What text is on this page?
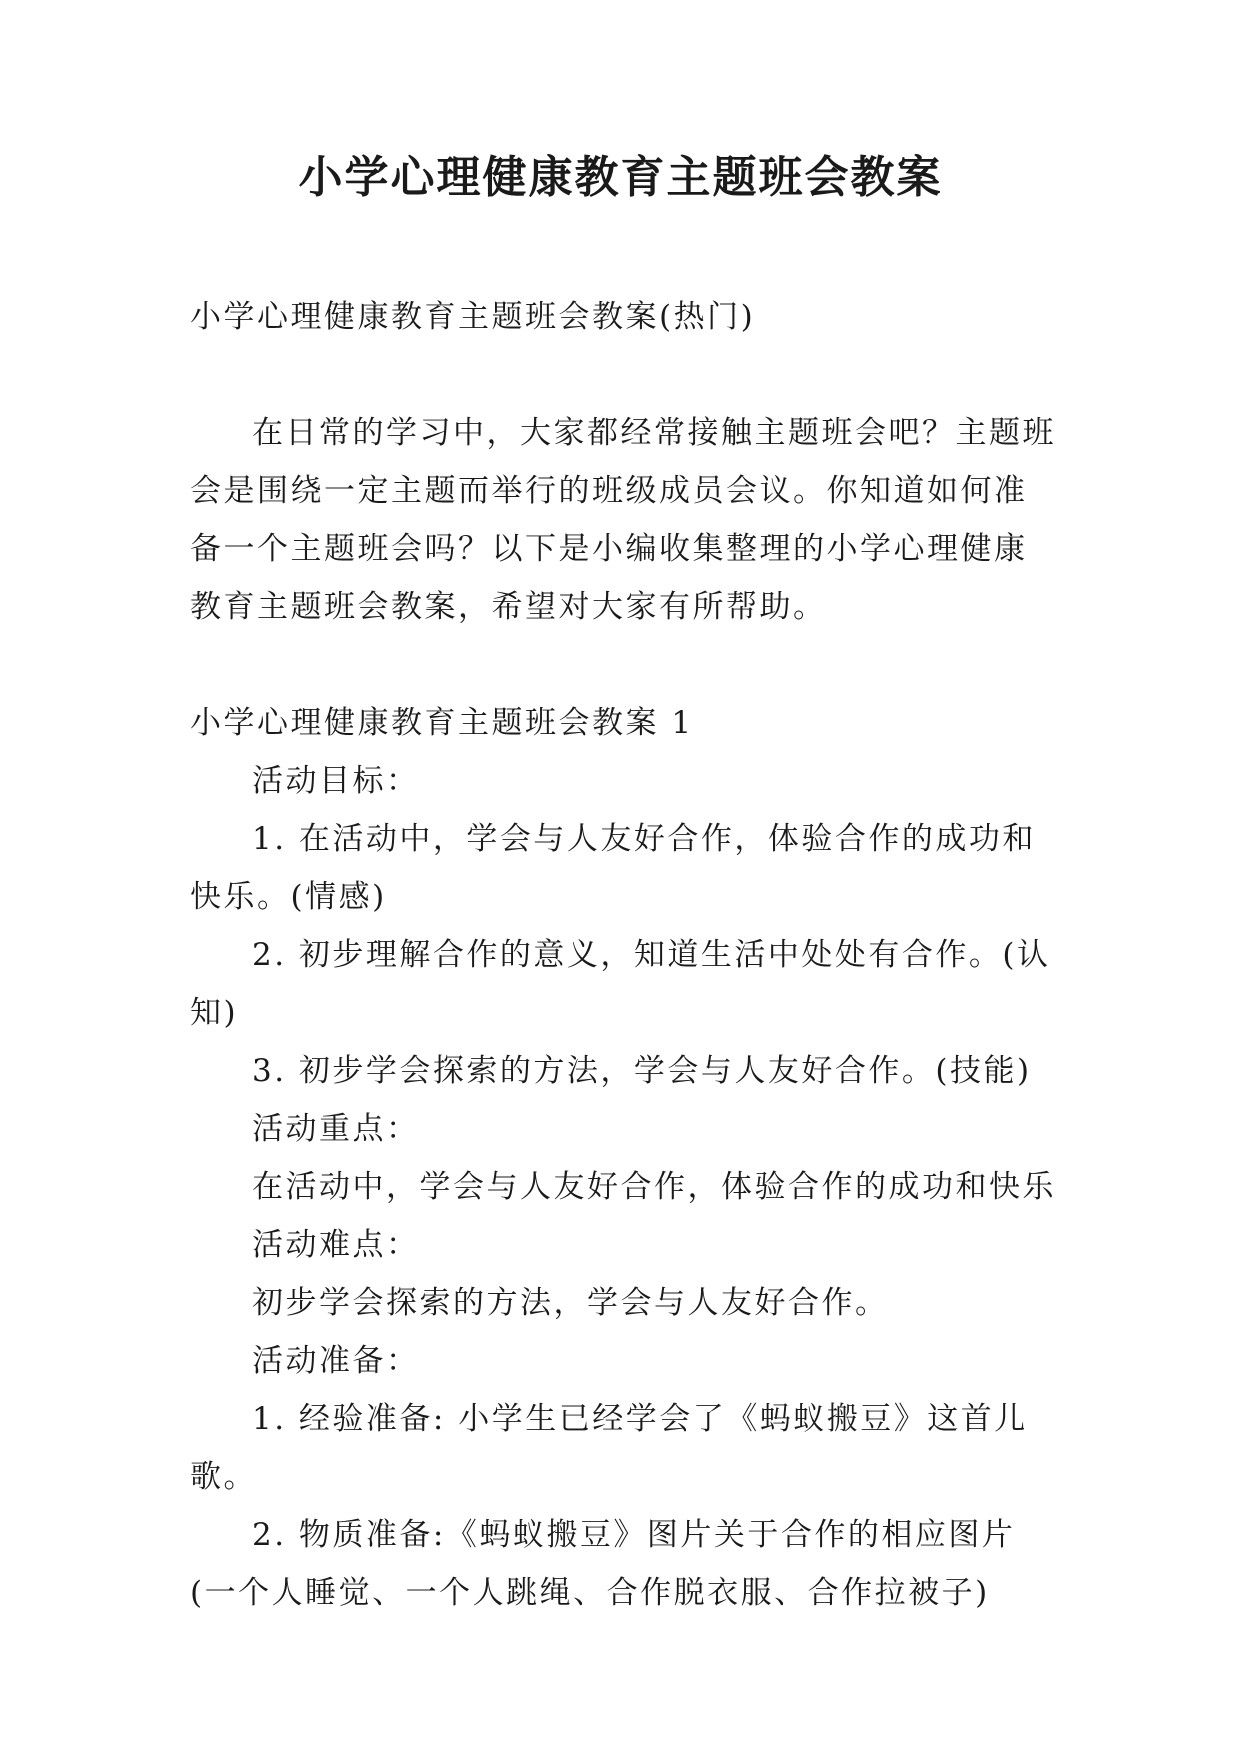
小学心理健康教育主题班会教案

小学心理健康教育主题班会教案(热门)

在日常的学习中，大家都经常接触主题班会吧？主题班会是围绕一定主题而举行的班级成员会议。你知道如何准备一个主题班会吗？以下是小编收集整理的小学心理健康教育主题班会教案，希望对大家有所帮助。

小学心理健康教育主题班会教案 1

活动目标：

1. 在活动中，学会与人友好合作，体验合作的成功和快乐。(情感)

2. 初步理解合作的意义，知道生活中处处有合作。(认知)

3. 初步学会探索的方法，学会与人友好合作。(技能)

活动重点：

在活动中，学会与人友好合作，体验合作的成功和快乐

活动难点：

初步学会探索的方法，学会与人友好合作。

活动准备：

1. 经验准备: 小学生已经学会了《蚂蚁搬豆》这首儿歌。

2. 物质准备:《蚂蚁搬豆》图片关于合作的相应图片(一个人睡觉、一个人跳绳、合作脱衣服、合作拉被子)
